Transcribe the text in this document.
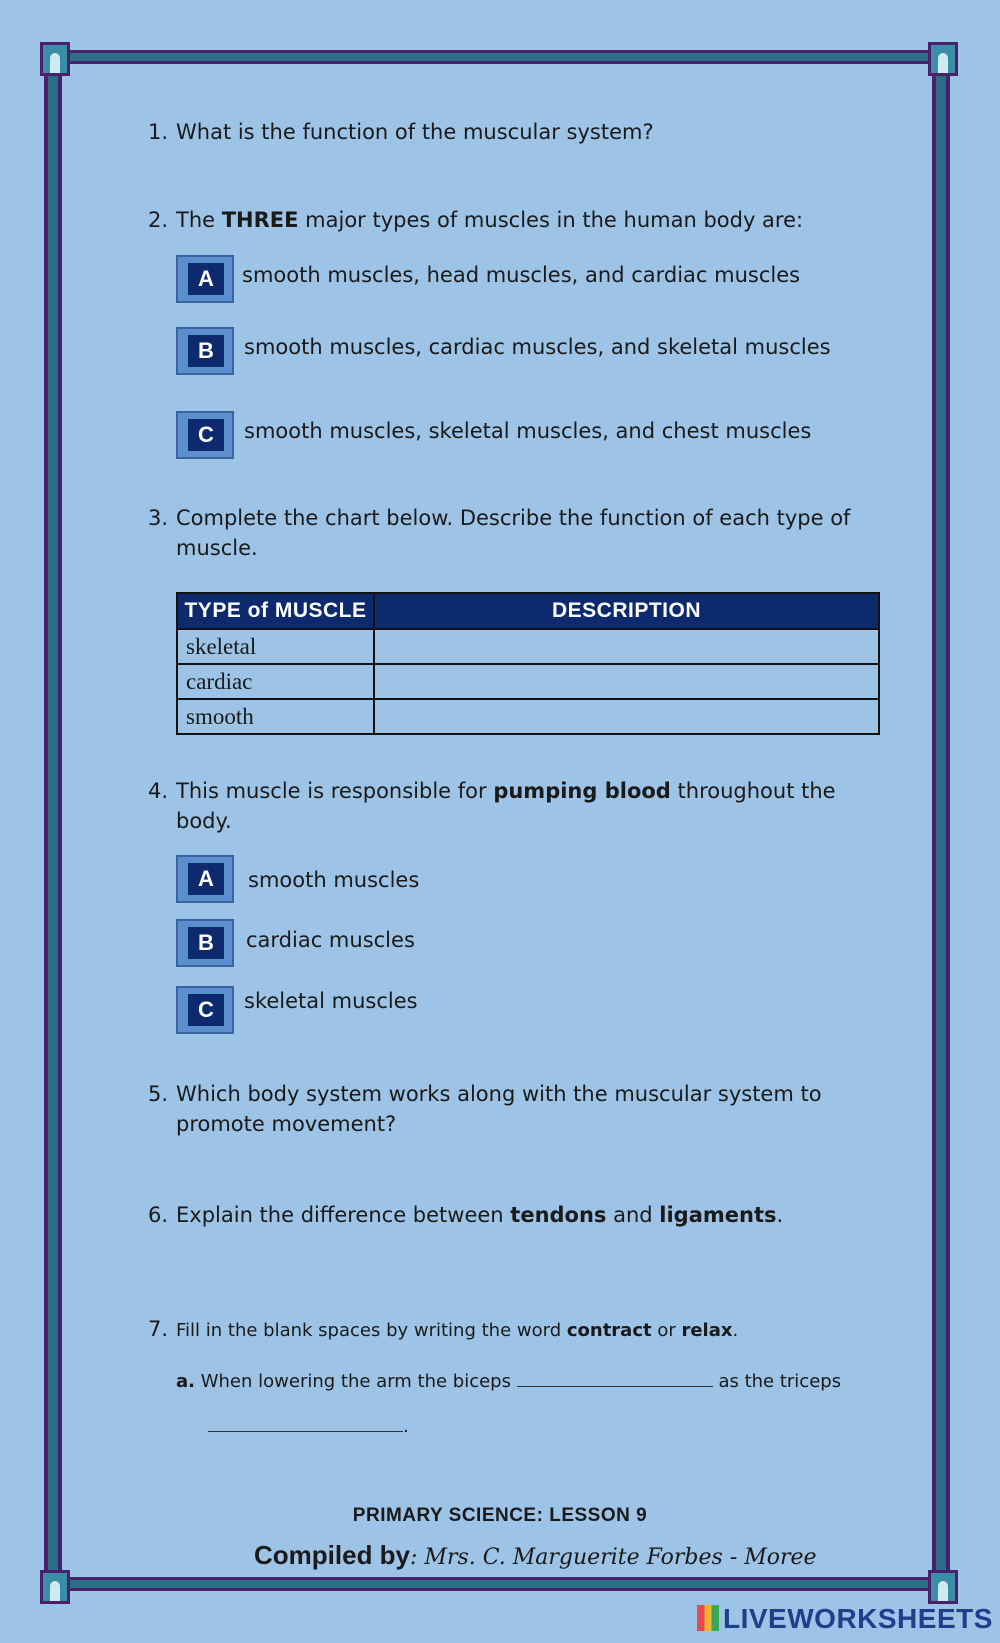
1. What is the function of the muscular system?
2. The THREE major types of muscles in the human body are:
A	smooth muscles, head muscles, and cardiac muscles
B	smooth muscles, cardiac muscles, and skeletal muscles
C	smooth muscles, skeletal muscles, and chest muscles
3. Complete the chart below. Describe the function of each type of
muscle.
TYPE of MUSCLE	DESCRIPTION
skeletal	
cardiac	
smooth	
4. This muscle is responsible for pumping blood throughout the
body.
A	smooth muscles
B	cardiac muscles
C	skeletal muscles
5. Which body system works along with the muscular system to
promote movement?
6. Explain the difference between tendons and ligaments.
7. Fill in the blank spaces by writing the word contract or relax.
a. When lowering the arm the biceps	as the triceps
.
PRIMARY SCIENCE: LESSON 9
Compiled by: Mrs. C. Marguerite Forbes - Moree
LIVEWORKSHEETS
